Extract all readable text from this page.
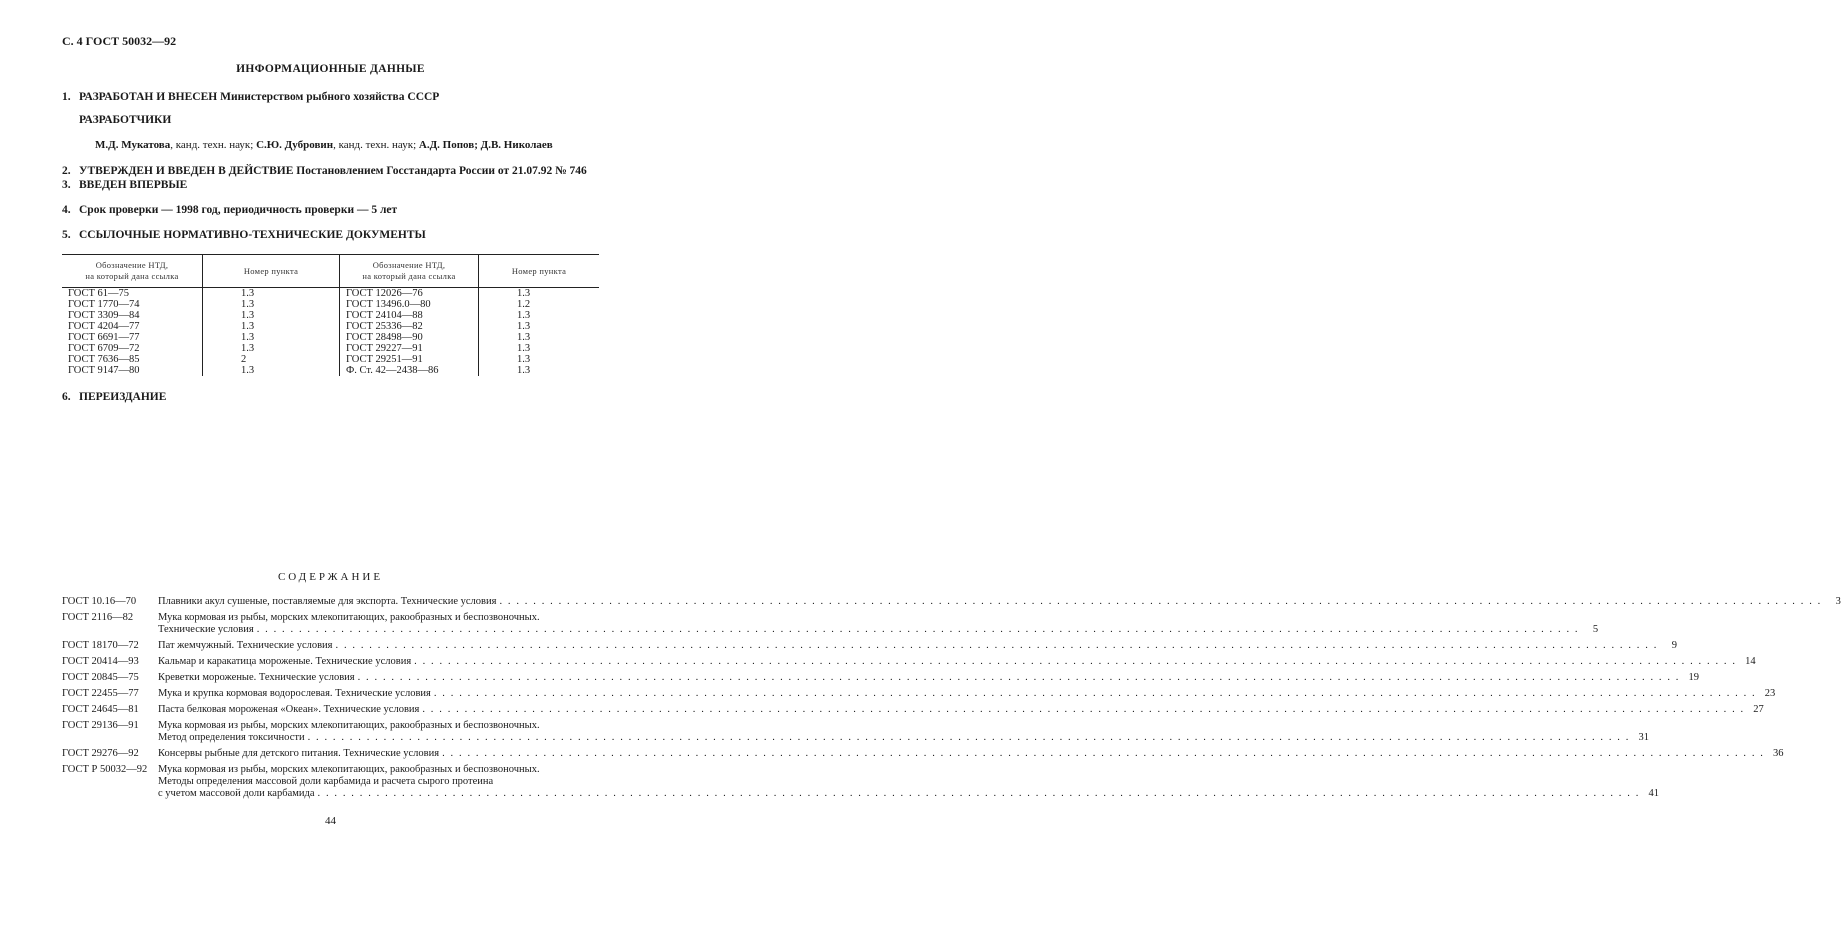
С. 4 ГОСТ 50032—92
ИНФОРМАЦИОННЫЕ ДАННЫЕ
1. РАЗРАБОТАН И ВНЕСЕН Министерством рыбного хозяйства СССР
РАЗРАБОТЧИКИ
М.Д. Мукатова, канд. техн. наук; С.Ю. Дубровин, канд. техн. наук; А.Д. Попов; Д.В. Николаев
2. УТВЕРЖДЕН И ВВЕДЕН В ДЕЙСТВИЕ Постановлением Госстандарта России от 21.07.92 № 746
3. ВВЕДЕН ВПЕРВЫЕ
4. Срок проверки — 1998 год, периодичность проверки — 5 лет
5. ССЫЛОЧНЫЕ НОРМАТИВНО-ТЕХНИЧЕСКИЕ ДОКУМЕНТЫ
Обозначение НТД,
на который дана ссылка	Номер пункта	Обозначение НТД,
на который дана ссылка	Номер пункта
ГОСТ 61—75	1.3	ГОСТ 12026—76	1.3
ГОСТ 1770—74	1.3	ГОСТ 13496.0—80	1.2
ГОСТ 3309—84	1.3	ГОСТ 24104—88	1.3
ГОСТ 4204—77	1.3	ГОСТ 25336—82	1.3
ГОСТ 6691—77	1.3	ГОСТ 28498—90	1.3
ГОСТ 6709—72	1.3	ГОСТ 29227—91	1.3
ГОСТ 7636—85	2	ГОСТ 29251—91	1.3
ГОСТ 9147—80	1.3	Ф. Ст. 42—2438—86	1.3
6. ПЕРЕИЗДАНИЕ
СОДЕРЖАНИЕ
ГОСТ 10.16—70	Плавники акул сушеные, поставляемые для экспорта. Технические условия . . .	3
ГОСТ 2116—82	Мука кормовая из рыбы, морских млекопитающих, ракообразных и беспозвоночных.
Технические условия . . .	5
ГОСТ 18170—72	Пат жемчужный. Технические условия . . .	9
ГОСТ 20414—93	Кальмар и каракатица мороженые. Технические условия . . .	14
ГОСТ 20845—75	Креветки мороженые. Технические условия . . .	19
ГОСТ 22455—77	Мука и крупка кормовая водорослевая. Технические условия . . .	23
ГОСТ 24645—81	Паста белковая мороженая «Океан». Технические условия . . .	27
ГОСТ 29136—91	Мука кормовая из рыбы, морских млекопитающих, ракообразных и беспозвоночных.
Метод определения токсичности . . .	31
ГОСТ 29276—92	Консервы рыбные для детского питания. Технические условия . . .	36
ГОСТ Р 50032—92	Мука кормовая из рыбы, морских млекопитающих, ракообразных и беспозвоночных.
Методы определения массовой доли карбамида и расчета сырого протеина
с учетом массовой доли карбамида . . .	41
44
